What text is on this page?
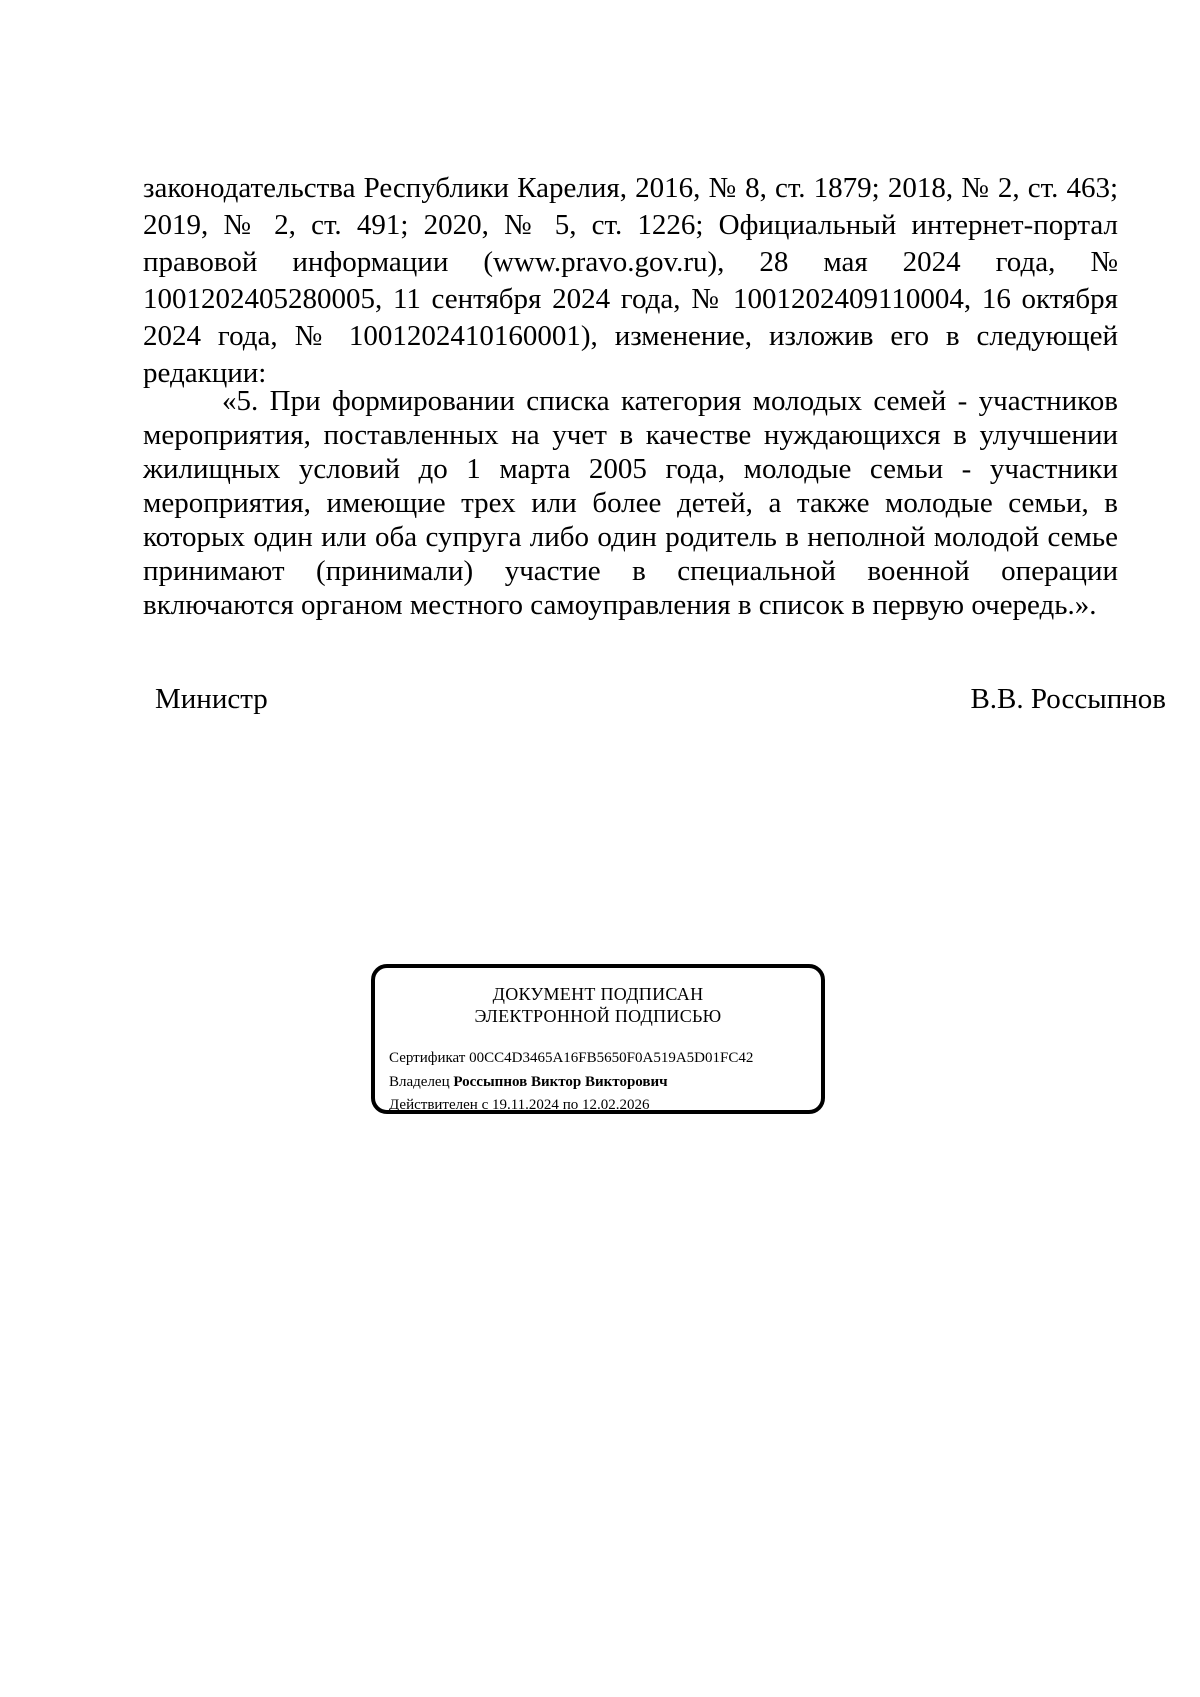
законодательства Республики Карелия, 2016, № 8, ст. 1879; 2018, № 2, ст. 463; 2019, № 2, ст. 491; 2020, № 5, ст. 1226; Официальный интернет-портал правовой информации (www.pravo.gov.ru), 28 мая 2024 года, № 1001202405280005, 11 сентября 2024 года, № 1001202409110004, 16 октября 2024 года, № 1001202410160001), изменение, изложив его в следующей редакции:

«5. При формировании списка категория молодых семей - участников мероприятия, поставленных на учет в качестве нуждающихся в улучшении жилищных условий до 1 марта 2005 года, молодые семьи - участники мероприятия, имеющие трех или более детей, а также молодые семьи, в которых один или оба супруга либо один родитель в неполной молодой семье принимают (принимали) участие в специальной военной операции включаются органом местного самоуправления в список в первую очередь.».

Министр	В.В. Россыпнов
ДОКУМЕНТ ПОДПИСАН
ЭЛЕКТРОННОЙ ПОДПИСЬЮ
Сертификат 00CC4D3465A16FB5650F0A519A5D01FC42
Владелец Россыпнов Виктор Викторович
Действителен с 19.11.2024 по 12.02.2026
